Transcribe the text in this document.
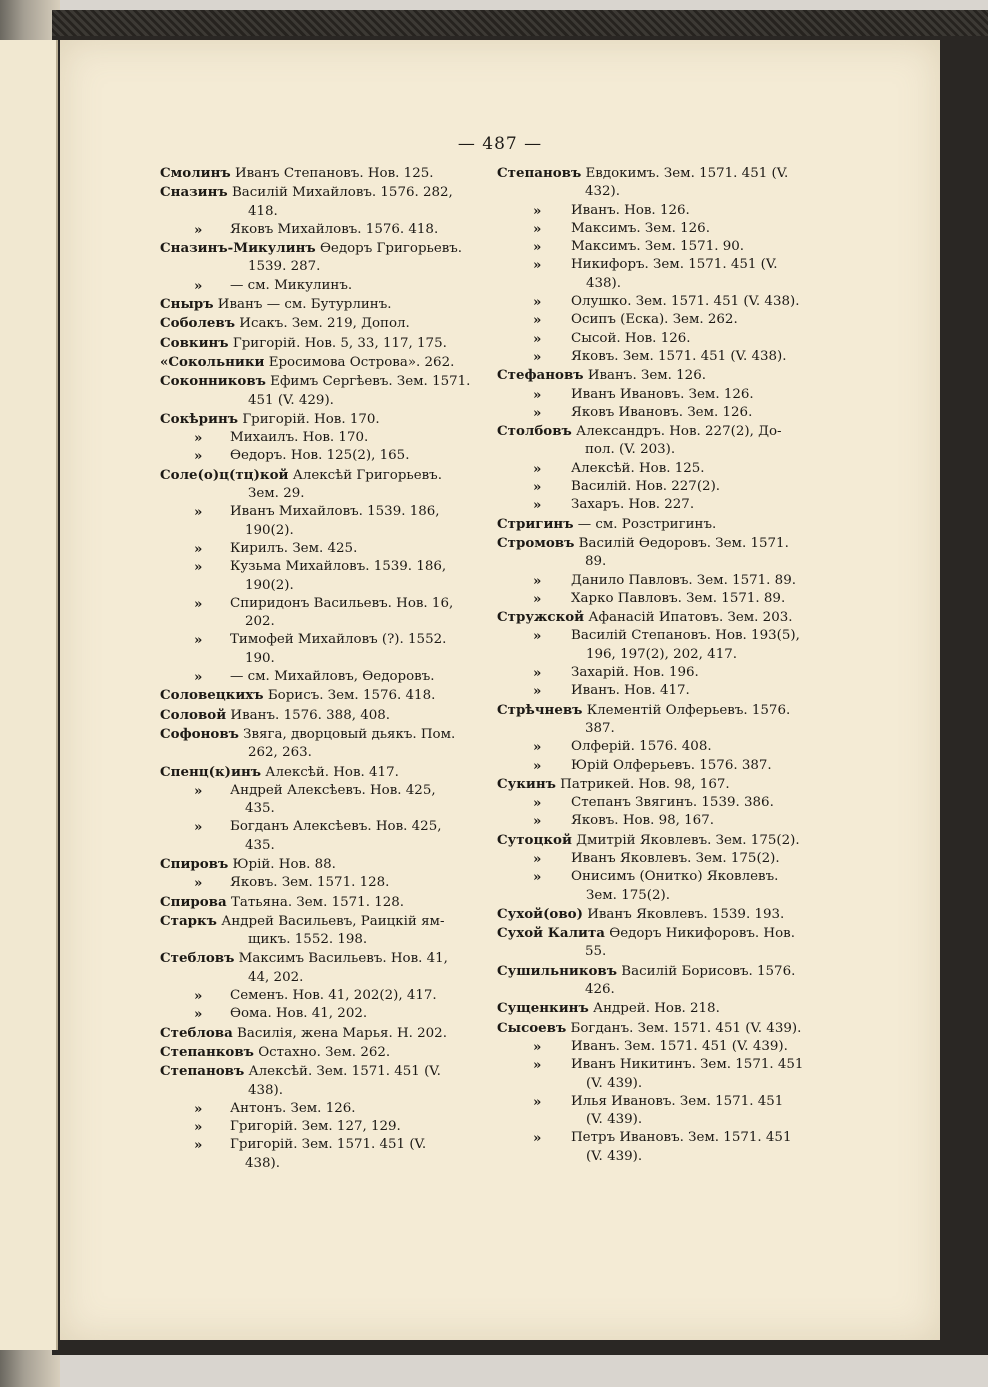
— 487 —
Смолинъ Иванъ Степановъ. Нов. 125.
Сназинъ Василій Михайловъ. 1576. 282,
418.
» Яковъ Михайловъ. 1576. 418.
Сназинъ-Микулинъ Өедоръ Григорьевъ.
1539. 287.
» — см. Микулинъ.
Сныръ Иванъ — см. Бутурлинъ.
Соболевъ Исакъ. Зем. 219, Допол.
Совкинъ Григорій. Нов. 5, 33, 117, 175.
«Сокольники Еросимова Острова». 262.
Соконниковъ Ефимъ Сергѣевъ. Зем. 1571.
451 (V. 429).
Сокѣринъ Григорій. Нов. 170.
» Михаилъ. Нов. 170.
» Өедоръ. Нов. 125(2), 165.
Соле(о)ц(тц)кой Алексѣй Григорьевъ.
Зем. 29.
» Иванъ Михайловъ. 1539. 186,
190(2).
» Кирилъ. Зем. 425.
» Кузьма Михайловъ. 1539. 186,
190(2).
» Спиридонъ Васильевъ. Нов. 16,
202.
» Тимофей Михайловъ (?). 1552.
190.
» — см. Михайловъ, Өедоровъ.
Соловецкихъ Борисъ. Зем. 1576. 418.
Соловой Иванъ. 1576. 388, 408.
Софоновъ Звяга, дворцовый дьякъ. Пом.
262, 263.
Спенц(к)инъ Алексѣй. Нов. 417.
» Андрей Алексѣевъ. Нов. 425,
435.
» Богданъ Алексѣевъ. Нов. 425,
435.
Спировъ Юрій. Нов. 88.
» Яковъ. Зем. 1571. 128.
Спирова Татьяна. Зем. 1571. 128.
Старкъ Андрей Васильевъ, Раицкій ям-
щикъ. 1552. 198.
Стебловъ Максимъ Васильевъ. Нов. 41,
44, 202.
» Семенъ. Нов. 41, 202(2), 417.
» Өома. Нов. 41, 202.
Стеблова Василія, жена Марья. Н. 202.
Степанковъ Остахно. Зем. 262.
Степановъ Алексѣй. Зем. 1571. 451 (V.
438).
» Антонъ. Зем. 126.
» Григорій. Зем. 127, 129.
» Григорій. Зем. 1571. 451 (V.
438).
Степановъ Евдокимъ. Зем. 1571. 451 (V.
432).
» Иванъ. Нов. 126.
» Максимъ. Зем. 126.
» Максимъ. Зем. 1571. 90.
» Никифоръ. Зем. 1571. 451 (V.
438).
» Олушко. Зем. 1571. 451 (V. 438).
» Осипъ (Еска). Зем. 262.
» Сысой. Нов. 126.
» Яковъ. Зем. 1571. 451 (V. 438).
Стефановъ Иванъ. Зем. 126.
» Иванъ Ивановъ. Зем. 126.
» Яковъ Ивановъ. Зем. 126.
Столбовъ Александръ. Нов. 227(2), До-
пол. (V. 203).
» Алексѣй. Нов. 125.
» Василій. Нов. 227(2).
» Захаръ. Нов. 227.
Стригинъ — см. Розстригинъ.
Стромовъ Василій Өедоровъ. Зем. 1571.
89.
» Данило Павловъ. Зем. 1571. 89.
» Харко Павловъ. Зем. 1571. 89.
Стружской Афанасій Ипатовъ. Зем. 203.
» Василій Степановъ. Нов. 193(5),
196, 197(2), 202, 417.
» Захарій. Нов. 196.
» Иванъ. Нов. 417.
Стрѣчневъ Клементій Олферьевъ. 1576.
387.
» Олферій. 1576. 408.
» Юрій Олферьевъ. 1576. 387.
Сукинъ Патрикей. Нов. 98, 167.
» Степанъ Звягинъ. 1539. 386.
» Яковъ. Нов. 98, 167.
Сутоцкой Дмитрій Яковлевъ. Зем. 175(2).
» Иванъ Яковлевъ. Зем. 175(2).
» Онисимъ (Онитко) Яковлевъ.
Зем. 175(2).
Сухой(ово) Иванъ Яковлевъ. 1539. 193.
Сухой Калита Өедоръ Никифоровъ. Нов.
55.
Сушильниковъ Василій Борисовъ. 1576.
426.
Сущенкинъ Андрей. Нов. 218.
Сысоевъ Богданъ. Зем. 1571. 451 (V. 439).
» Иванъ. Зем. 1571. 451 (V. 439).
» Иванъ Никитинъ. Зем. 1571. 451
(V. 439).
» Илья Ивановъ. Зем. 1571. 451
(V. 439).
» Петръ Ивановъ. Зем. 1571. 451
(V. 439).
